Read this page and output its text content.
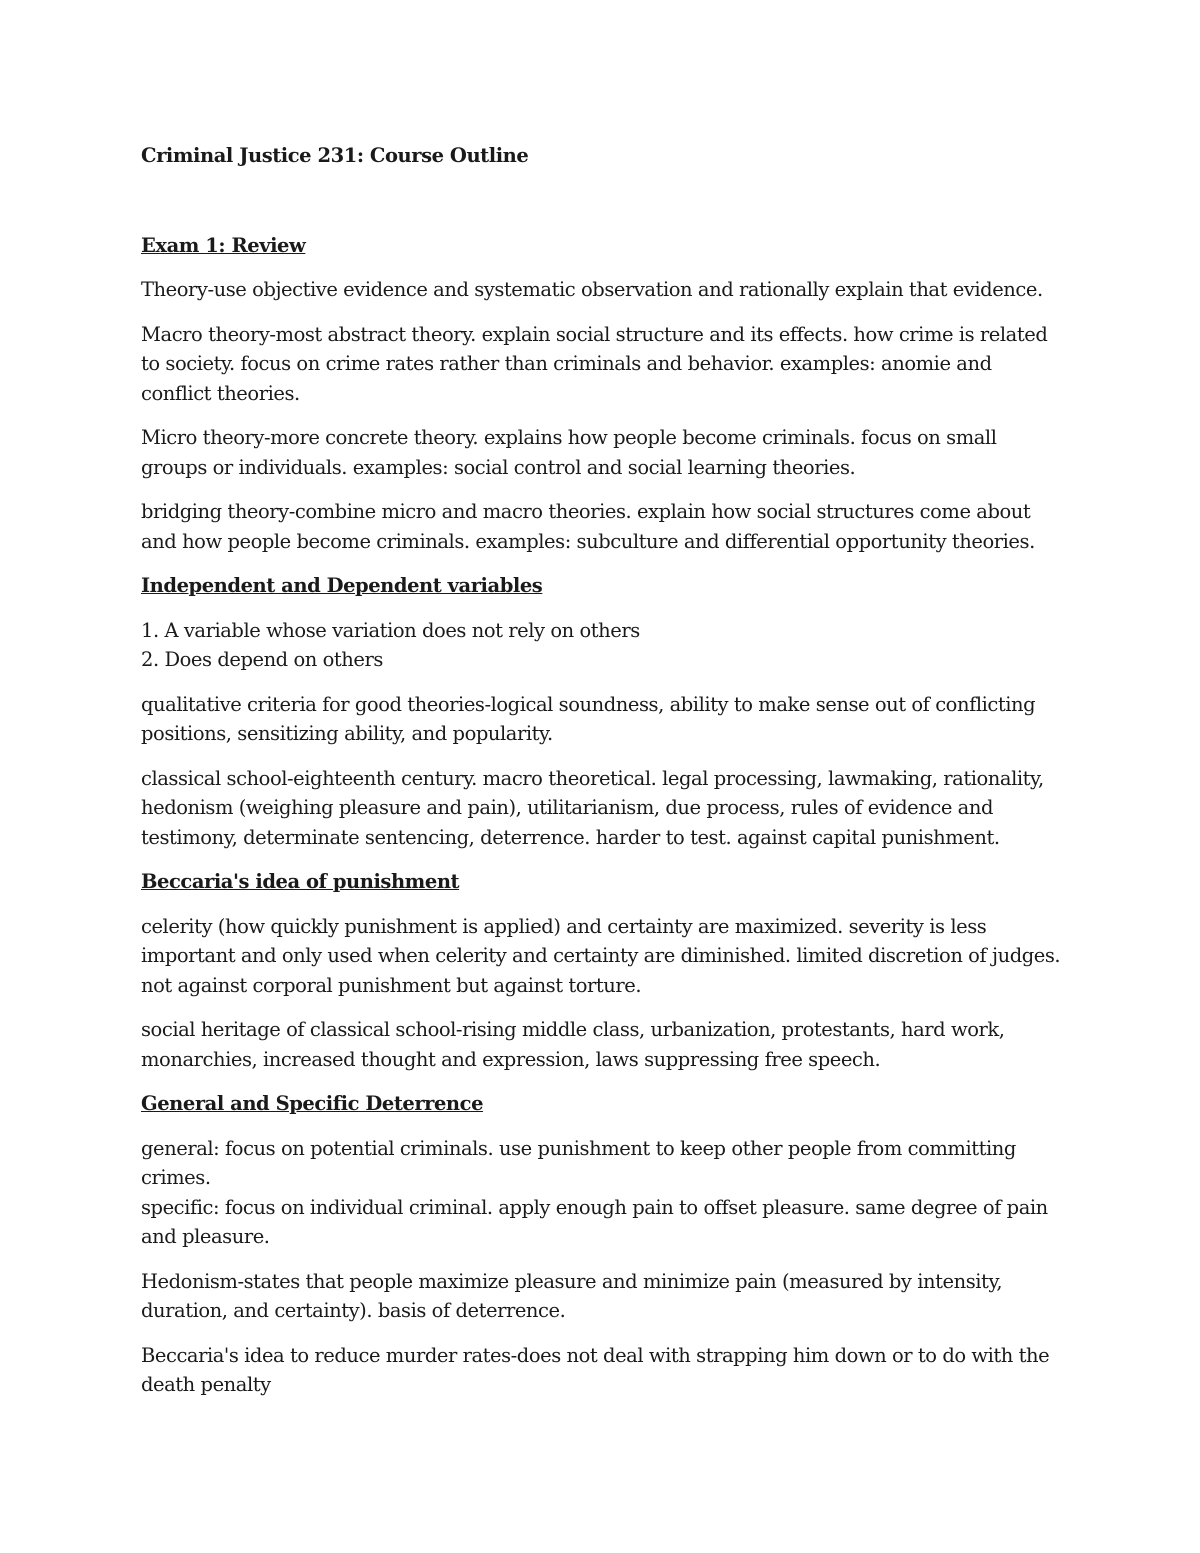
Criminal Justice 231: Course Outline

Exam 1: Review

Theory-use objective evidence and systematic observation and rationally explain that evidence.

Macro theory-most abstract theory. explain social structure and its effects. how crime is related to society. focus on crime rates rather than criminals and behavior. examples: anomie and conflict theories.

Micro theory-more concrete theory. explains how people become criminals. focus on small groups or individuals. examples: social control and social learning theories.

bridging theory-combine micro and macro theories. explain how social structures come about and how people become criminals. examples: subculture and differential opportunity theories.

Independent and Dependent variables

1. A variable whose variation does not rely on others
2. Does depend on others

qualitative criteria for good theories-logical soundness, ability to make sense out of conflicting positions, sensitizing ability, and popularity.

classical school-eighteenth century. macro theoretical. legal processing, lawmaking, rationality, hedonism (weighing pleasure and pain), utilitarianism, due process, rules of evidence and testimony, determinate sentencing, deterrence. harder to test. against capital punishment.

Beccaria's idea of punishment

celerity (how quickly punishment is applied) and certainty are maximized. severity is less important and only used when celerity and certainty are diminished. limited discretion of judges. not against corporal punishment but against torture.

social heritage of classical school-rising middle class, urbanization, protestants, hard work, monarchies, increased thought and expression, laws suppressing free speech.

General and Specific Deterrence

general: focus on potential criminals. use punishment to keep other people from committing crimes.
specific: focus on individual criminal. apply enough pain to offset pleasure. same degree of pain and pleasure.

Hedonism-states that people maximize pleasure and minimize pain (measured by intensity, duration, and certainty). basis of deterrence.

Beccaria's idea to reduce murder rates-does not deal with strapping him down or to do with the death penalty
